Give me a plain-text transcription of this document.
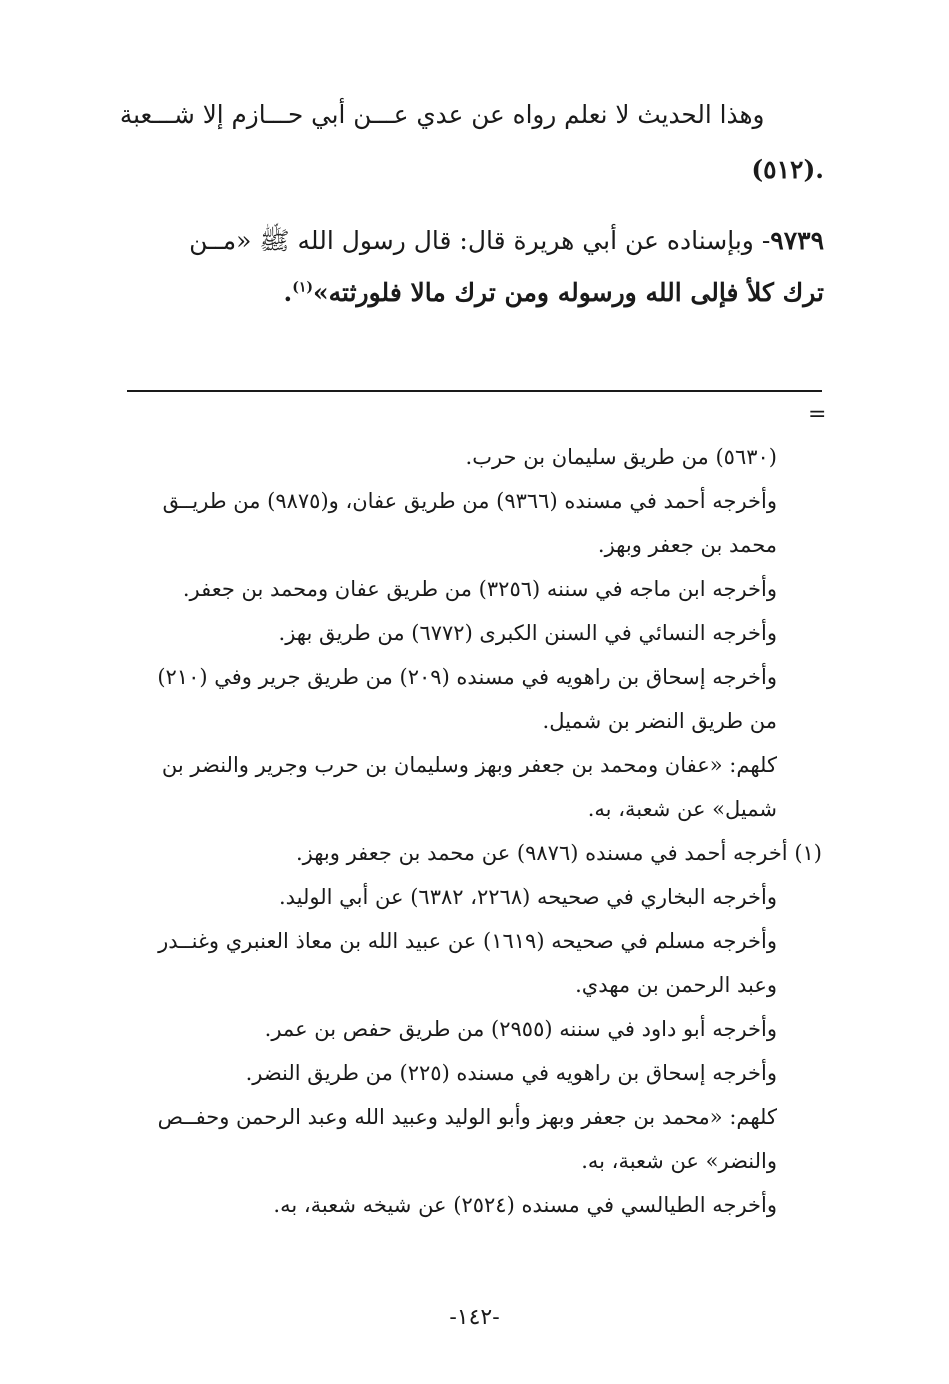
وهذا الحديث لا نعلم رواه عن عدي عـــن أبي حـــازم إلا شـــعبة
.(٥١٢)
٩٧٣٩- وبإسناده عن أبي هريرة قال: قال رسول الله ﷺ «مــن
ترك كلأ فإلى الله ورسوله ومن ترك مالا فلورثته»$^{(١)}$.
=
(٥٦٣٠) من طريق سليمان بن حرب.
وأخرجه أحمد في مسنده (٩٣٦٦) من طريق عفان، و(٩٨٧٥) من طريــق
محمد بن جعفر وبهز.
وأخرجه ابن ماجه في سننه (٣٢٥٦) من طريق عفان ومحمد بن جعفر.
وأخرجه النسائي في السنن الكبرى (٦٧٧٢) من طريق بهز.
وأخرجه إسحاق بن راهويه في مسنده (٢٠٩) من طريق جرير وفي (٢١٠)
من طريق النضر بن شميل.
كلهم: «عفان ومحمد بن جعفر وبهز وسليمان بن حرب وجرير والنضر بن
شميل» عن شعبة، به.
(١) أخرجه أحمد في مسنده (٩٨٧٦) عن محمد بن جعفر وبهز.
وأخرجه البخاري في صحيحه (٢٢٦٨، ٦٣٨٢) عن أبي الوليد.
وأخرجه مسلم في صحيحه (١٦١٩) عن عبيد الله بن معاذ العنبري وغنــدر
وعبد الرحمن بن مهدي.
وأخرجه أبو داود في سننه (٢٩٥٥) من طريق حفص بن عمر.
وأخرجه إسحاق بن راهويه في مسنده (٢٢٥) من طريق النضر.
كلهم: «محمد بن جعفر وبهز وأبو الوليد وعبيد الله وعبد الرحمن وحفــص
والنضر» عن شعبة، به.
وأخرجه الطيالسي في مسنده (٢٥٢٤) عن شيخه شعبة، به.
-١٤٢-
